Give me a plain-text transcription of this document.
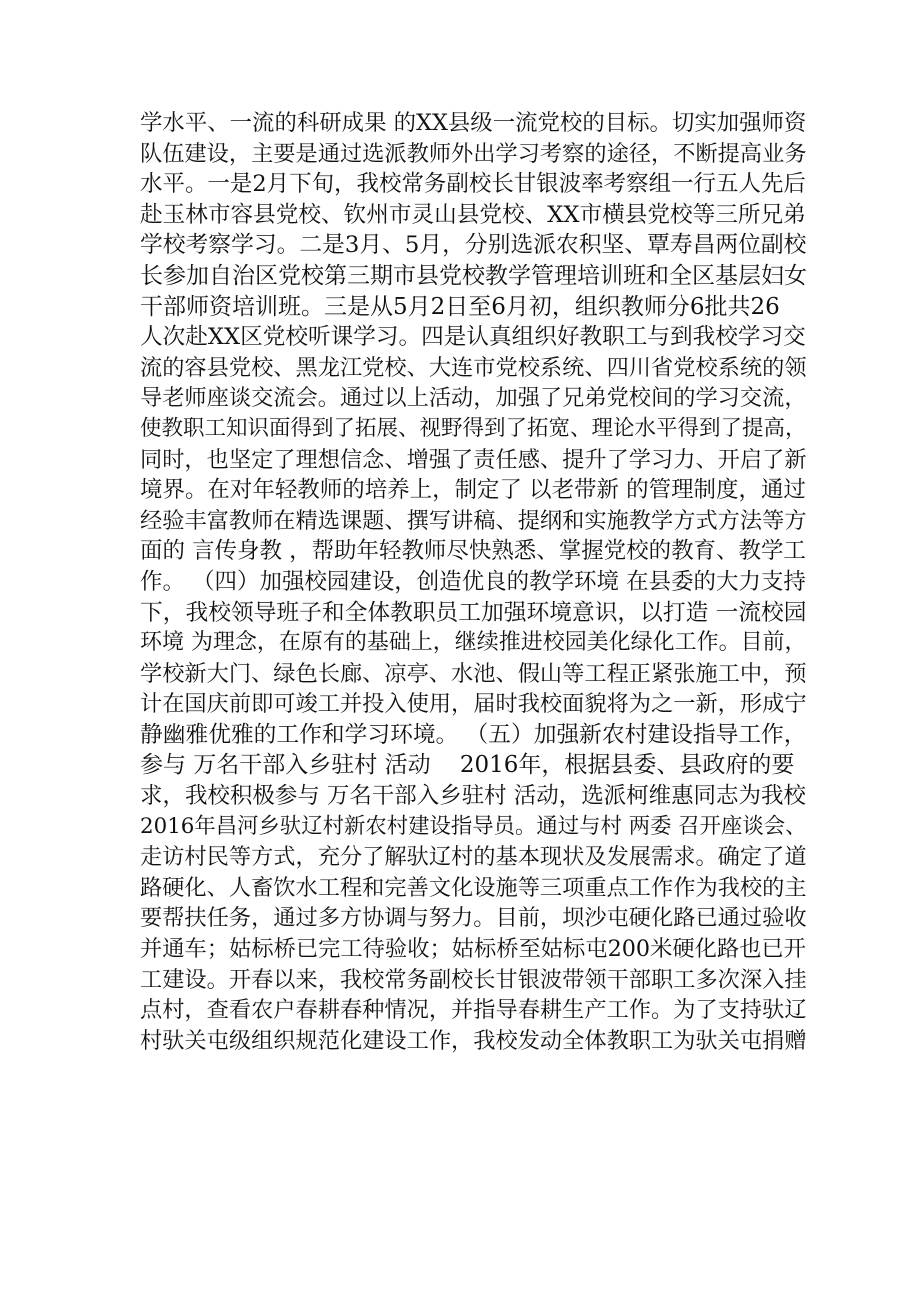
学水平、一流的科研成果 的XX县级一流党校的目标。切实加强师资
队伍建设，主要是通过选派教师外出学习考察的途径，不断提高业务
水平。一是2月下旬，我校常务副校长甘银波率考察组一行五人先后
赴玉林市容县党校、钦州市灵山县党校、XX市横县党校等三所兄弟
学校考察学习。二是3月、5月，分别选派农积坚、覃寿昌两位副校
长参加自治区党校第三期市县党校教学管理培训班和全区基层妇女
干部师资培训班。三是从5月2日至6月初，组织教师分6批共26
人次赴XX区党校听课学习。四是认真组织好教职工与到我校学习交
流的容县党校、黑龙江党校、大连市党校系统、四川省党校系统的领
导老师座谈交流会。通过以上活动，加强了兄弟党校间的学习交流，
使教职工知识面得到了拓展、视野得到了拓宽、理论水平得到了提高，
同时，也坚定了理想信念、增强了责任感、提升了学习力、开启了新
境界。在对年轻教师的培养上，制定了 以老带新 的管理制度，通过
经验丰富教师在精选课题、撰写讲稿、提纲和实施教学方式方法等方
面的 言传身教 ，帮助年轻教师尽快熟悉、掌握党校的教育、教学工
作。 （四）加强校园建设，创造优良的教学环境 在县委的大力支持
下，我校领导班子和全体教职员工加强环境意识，以打造 一流校园
环境 为理念，在原有的基础上，继续推进校园美化绿化工作。目前，
学校新大门、绿色长廊、凉亭、水池、假山等工程正紧张施工中，预
计在国庆前即可竣工并投入使用，届时我校面貌将为之一新，形成宁
静幽雅优雅的工作和学习环境。 （五）加强新农村建设指导工作，
参与 万名干部入乡驻村 活动    2016年，根据县委、县政府的要
求，我校积极参与 万名干部入乡驻村 活动，选派柯维惠同志为我校
2016年昌河乡驮辽村新农村建设指导员。通过与村 两委 召开座谈会、
走访村民等方式，充分了解驮辽村的基本现状及发展需求。确定了道
路硬化、人畜饮水工程和完善文化设施等三项重点工作作为我校的主
要帮扶任务，通过多方协调与努力。目前，坝沙屯硬化路已通过验收
并通车；姑标桥已完工待验收；姑标桥至姑标屯200米硬化路也已开
工建设。开春以来，我校常务副校长甘银波带领干部职工多次深入挂
点村，查看农户春耕春种情况，并指导春耕生产工作。为了支持驮辽
村驮关屯级组织规范化建设工作，我校发动全体教职工为驮关屯捐赠
